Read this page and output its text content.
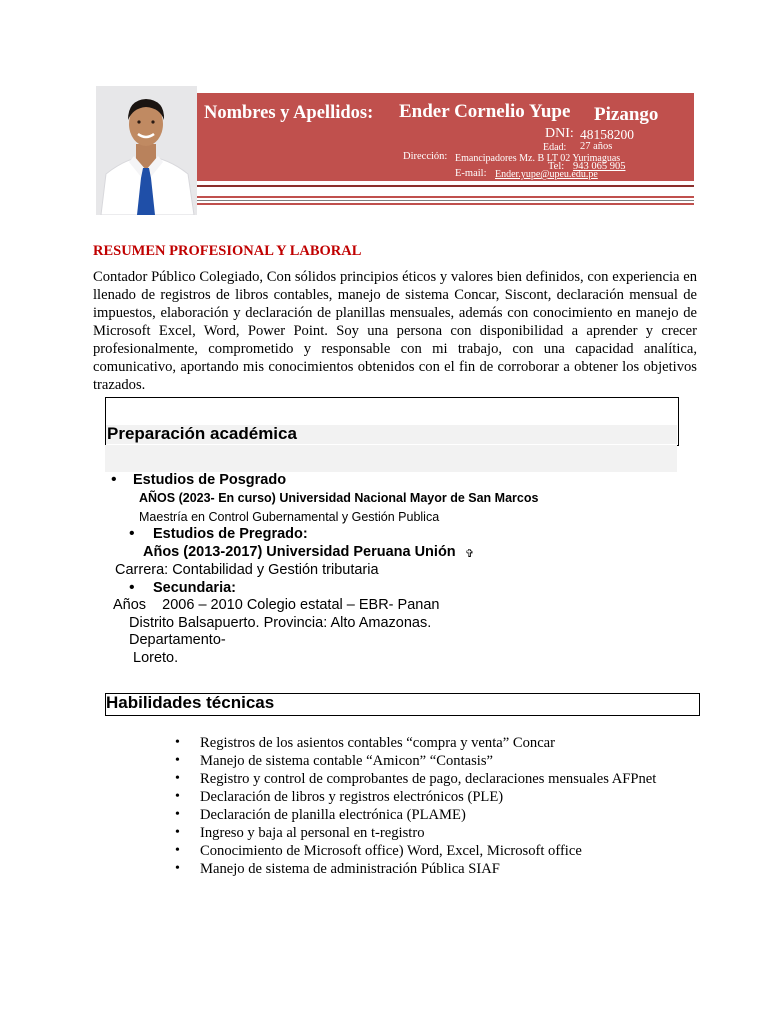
Nombres y Apellidos: Ender Cornelio Yupe Pizango
DNI: 48158200
Edad: 27 años
Dirección: Emancipadores Mz. B LT 02 Yurimaguas
Tel: 943 065 905
E-mail: Ender.yupe@upeu.edu.pe
RESUMEN PROFESIONAL Y LABORAL
Contador Público Colegiado, Con sólidos principios éticos y valores bien definidos, con experiencia en llenado de registros de libros contables, manejo de sistema Concar, Siscont, declaración mensual de impuestos, elaboración y declaración de planillas mensuales, además con conocimiento en manejo de Microsoft Excel, Word, Power Point. Soy una persona con disponibilidad a aprender y crecer profesionalmente, comprometido y responsable con mi trabajo, con una capacidad analítica, comunicativo, aportando mis conocimientos obtenidos con el fin de corroborar a obtener los objetivos trazados.
Preparación académica
• Estudios de Posgrado
AÑOS (2023- En curso) Universidad Nacional Mayor de San Marcos
Maestría en Control Gubernamental y Gestión Publica
• Estudios de Pregrado:
Años (2013-2017) Universidad Peruana Unión ✞
Carrera: Contabilidad y Gestión tributaria
• Secundaria:
Años    2006 – 2010 Colegio estatal – EBR- Panan
Distrito Balsapuerto. Provincia: Alto Amazonas.
Departamento-
Loreto.
Habilidades técnicas
• Registros de los asientos contables “compra y venta” Concar
• Manejo de sistema contable “Amicon” “Contasis”
• Registro y control de comprobantes de pago, declaraciones mensuales AFPnet
• Declaración de libros y registros electrónicos (PLE)
• Declaración de planilla electrónica (PLAME)
• Ingreso y baja al personal en t-registro
• Conocimiento de Microsoft office) Word, Excel, Microsoft office
• Manejo de sistema de administración Pública SIAF
